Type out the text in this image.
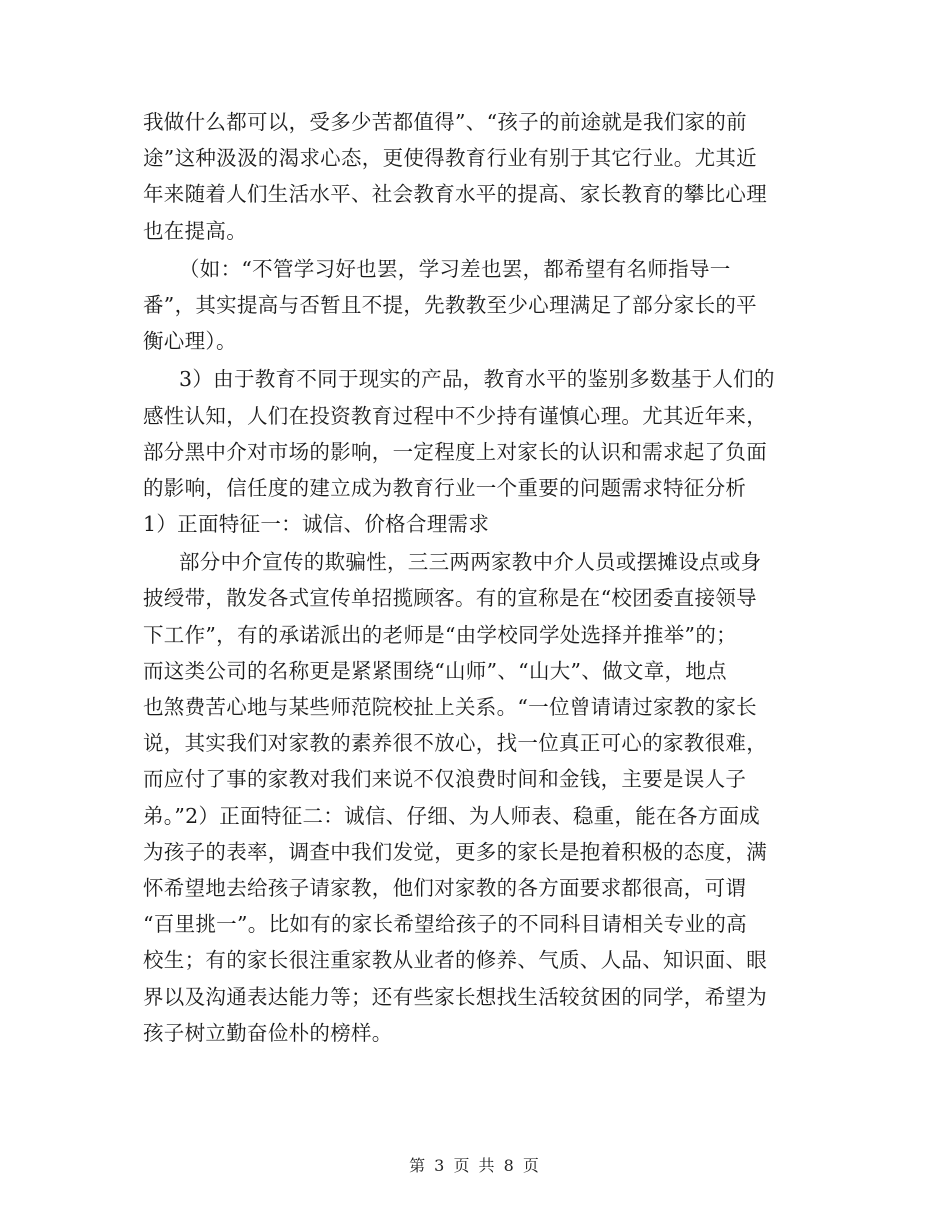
我做什么都可以，受多少苦都值得”、“孩子的前途就是我们家的前
途”这种汲汲的渴求心态，更使得教育行业有别于其它行业。尤其近
年来随着人们生活水平、社会教育水平的提高、家长教育的攀比心理
也在提高。
（如：“不管学习好也罢，学习差也罢，都希望有名师指导一
番”，其实提高与否暂且不提，先教教至少心理满足了部分家长的平
衡心理）。
3）由于教育不同于现实的产品，教育水平的鉴别多数基于人们的
感性认知，人们在投资教育过程中不少持有谨慎心理。尤其近年来，
部分黑中介对市场的影响，一定程度上对家长的认识和需求起了负面
的影响，信任度的建立成为教育行业一个重要的问题需求特征分析
1）正面特征一：诚信、价格合理需求
部分中介宣传的欺骗性，三三两两家教中介人员或摆摊设点或身
披绶带，散发各式宣传单招揽顾客。有的宣称是在“校团委直接领导
下工作”，有的承诺派出的老师是“由学校同学处选择并推举”的；
而这类公司的名称更是紧紧围绕“山师”、“山大”、做文章，地点
也煞费苦心地与某些师范院校扯上关系。“一位曾请请过家教的家长
说，其实我们对家教的素养很不放心，找一位真正可心的家教很难，
而应付了事的家教对我们来说不仅浪费时间和金钱，主要是误人子
弟。”2）正面特征二：诚信、仔细、为人师表、稳重，能在各方面成
为孩子的表率，调查中我们发觉，更多的家长是抱着积极的态度，满
怀希望地去给孩子请家教，他们对家教的各方面要求都很高，可谓
“百里挑一”。比如有的家长希望给孩子的不同科目请相关专业的高
校生；有的家长很注重家教从业者的修养、气质、人品、知识面、眼
界以及沟通表达能力等；还有些家长想找生活较贫困的同学，希望为
孩子树立勤奋俭朴的榜样。
第 3 页 共 8 页
